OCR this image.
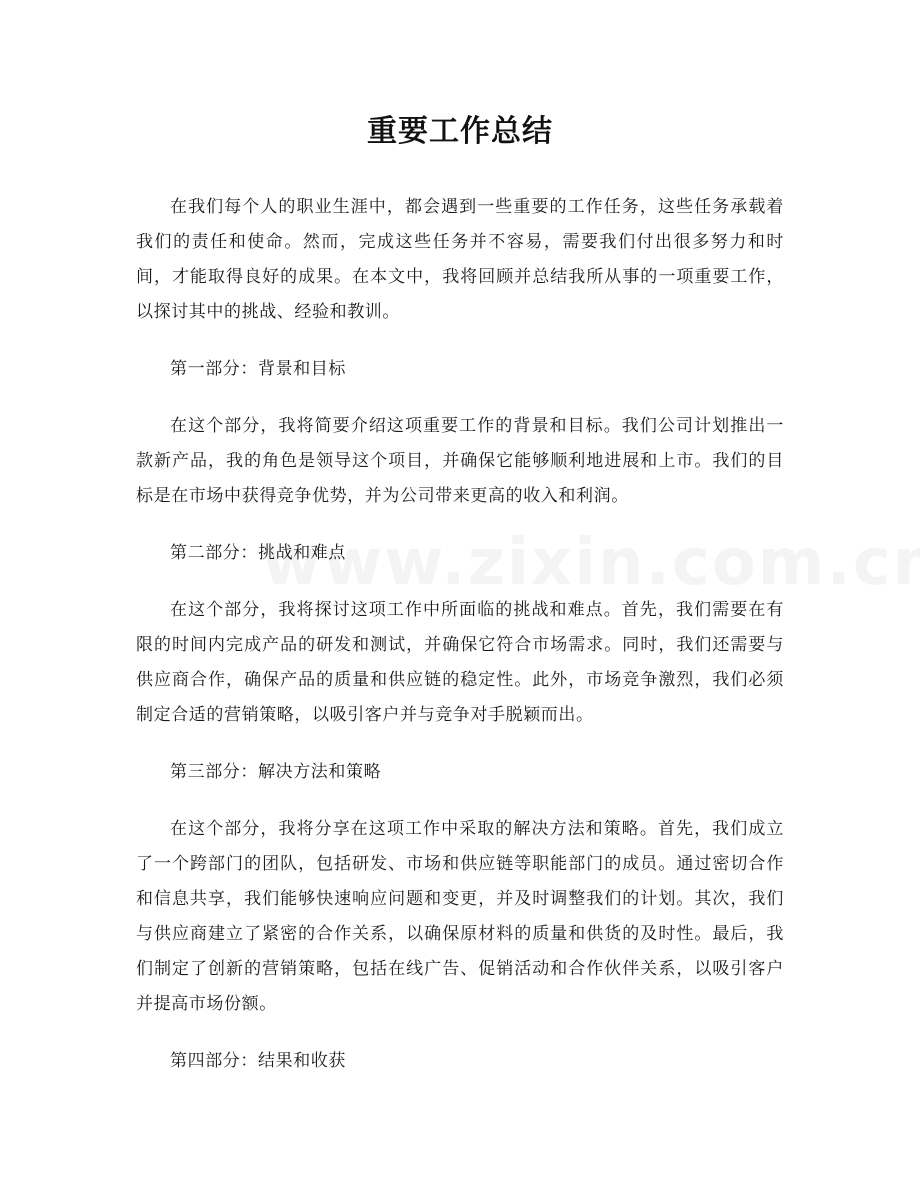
重要工作总结

在我们每个人的职业生涯中，都会遇到一些重要的工作任务，这些任务承载着我们的责任和使命。然而，完成这些任务并不容易，需要我们付出很多努力和时间，才能取得良好的成果。在本文中，我将回顾并总结我所从事的一项重要工作，以探讨其中的挑战、经验和教训。

第一部分：背景和目标

在这个部分，我将简要介绍这项重要工作的背景和目标。我们公司计划推出一款新产品，我的角色是领导这个项目，并确保它能够顺利地进展和上市。我们的目标是在市场中获得竞争优势，并为公司带来更高的收入和利润。

第二部分：挑战和难点

在这个部分，我将探讨这项工作中所面临的挑战和难点。首先，我们需要在有限的时间内完成产品的研发和测试，并确保它符合市场需求。同时，我们还需要与供应商合作，确保产品的质量和供应链的稳定性。此外，市场竞争激烈，我们必须制定合适的营销策略，以吸引客户并与竞争对手脱颖而出。

第三部分：解决方法和策略

在这个部分，我将分享在这项工作中采取的解决方法和策略。首先，我们成立了一个跨部门的团队，包括研发、市场和供应链等职能部门的成员。通过密切合作和信息共享，我们能够快速响应问题和变更，并及时调整我们的计划。其次，我们与供应商建立了紧密的合作关系，以确保原材料的质量和供货的及时性。最后，我们制定了创新的营销策略，包括在线广告、促销活动和合作伙伴关系，以吸引客户并提高市场份额。

第四部分：结果和收获
